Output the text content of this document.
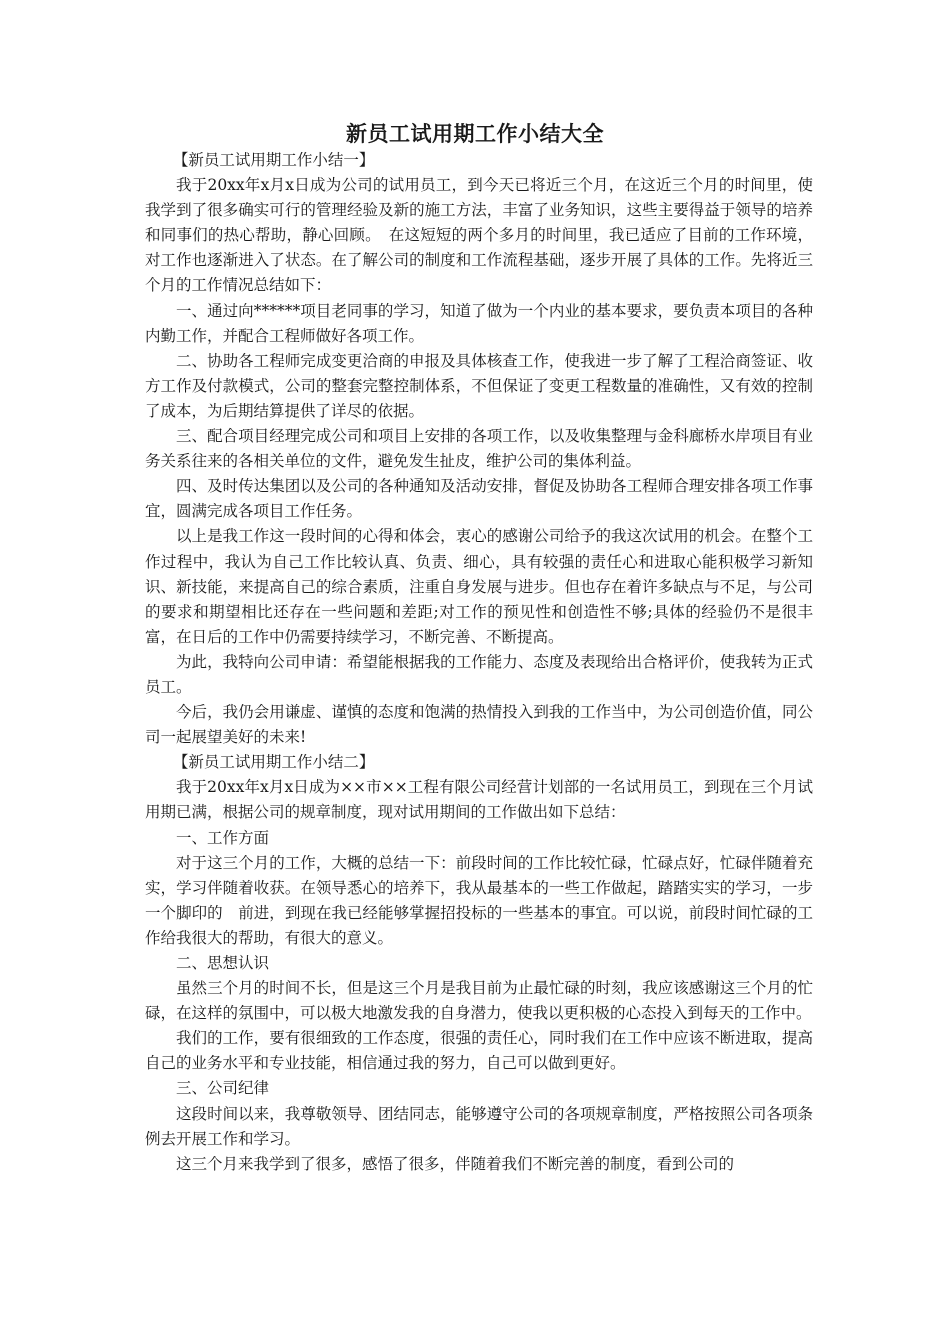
新员工试用期工作小结大全

【新员工试用期工作小结一】

我于20xx年x月x日成为公司的试用员工，到今天已将近三个月，在这近三个月的时间里，使我学到了很多确实可行的管理经验及新的施工方法，丰富了业务知识，这些主要得益于领导的培养和同事们的热心帮助，静心回顾。　在这短短的两个多月的时间里，我已适应了目前的工作环境，对工作也逐渐进入了状态。在了解公司的制度和工作流程基础，逐步开展了具体的工作。先将近三个月的工作情况总结如下：

一、通过向******项目老同事的学习，知道了做为一个内业的基本要求，要负责本项目的各种内勤工作，并配合工程师做好各项工作。

二、协助各工程师完成变更洽商的申报及具体核查工作，使我进一步了解了工程洽商签证、收方工作及付款模式，公司的整套完整控制体系，不但保证了变更工程数量的准确性，又有效的控制了成本，为后期结算提供了详尽的依据。

三、配合项目经理完成公司和项目上安排的各项工作，以及收集整理与金科廊桥水岸项目有业务关系往来的各相关单位的文件，避免发生扯皮，维护公司的集体利益。

四、及时传达集团以及公司的各种通知及活动安排，督促及协助各工程师合理安排各项工作事宜，圆满完成各项目工作任务。

以上是我工作这一段时间的心得和体会，衷心的感谢公司给予的我这次试用的机会。在整个工作过程中，我认为自己工作比较认真、负责、细心，具有较强的责任心和进取心能积极学习新知识、新技能，来提高自己的综合素质，注重自身发展与进步。但也存在着许多缺点与不足，与公司的要求和期望相比还存在一些问题和差距;对工作的预见性和创造性不够;具体的经验仍不是很丰富，在日后的工作中仍需要持续学习，不断完善、不断提高。

为此，我特向公司申请：希望能根据我的工作能力、态度及表现给出合格评价，使我转为正式员工。

今后，我仍会用谦虚、谨慎的态度和饱满的热情投入到我的工作当中，为公司创造价值，同公司一起展望美好的未来!

【新员工试用期工作小结二】

我于20xx年x月x日成为××市××工程有限公司经营计划部的一名试用员工，到现在三个月试用期已满，根据公司的规章制度，现对试用期间的工作做出如下总结：

一、工作方面

对于这三个月的工作，大概的总结一下：前段时间的工作比较忙碌，忙碌点好，忙碌伴随着充实，学习伴随着收获。在领导悉心的培养下，我从最基本的一些工作做起，踏踏实实的学习，一步一个脚印的　前进，到现在我已经能够掌握招投标的一些基本的事宜。可以说，前段时间忙碌的工作给我很大的帮助，有很大的意义。

二、思想认识

虽然三个月的时间不长，但是这三个月是我目前为止最忙碌的时刻，我应该感谢这三个月的忙碌，在这样的氛围中，可以极大地激发我的自身潜力，使我以更积极的心态投入到每天的工作中。

我们的工作，要有很细致的工作态度，很强的责任心，同时我们在工作中应该不断进取，提高自己的业务水平和专业技能，相信通过我的努力，自己可以做到更好。

三、公司纪律

这段时间以来，我尊敬领导、团结同志，能够遵守公司的各项规章制度，严格按照公司各项条例去开展工作和学习。

这三个月来我学到了很多，感悟了很多，伴随着我们不断完善的制度，看到公司的
